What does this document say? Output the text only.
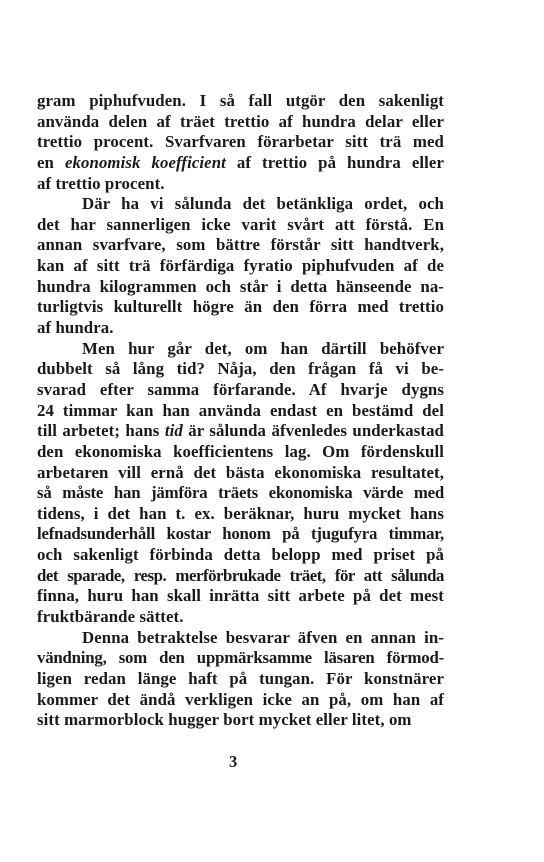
gram piphufvuden. I så fall utgör den sakenligt
använda delen af träet trettio af hundra delar eller
trettio procent. Svarfvaren förarbetar sitt trä med
en ekonomisk koefficient af trettio på hundra eller
af trettio procent.
Där ha vi sålunda det betänkliga ordet, och
det har sannerligen icke varit svårt att förstå. En
annan svarfvare, som bättre förstår sitt handtverk,
kan af sitt trä förfärdiga fyratio piphufvuden af de
hundra kilogrammen och står i detta hänseende na-
turligtvis kulturellt högre än den förra med trettio
af hundra.
Men hur går det, om han därtill behöfver
dubbelt så lång tid? Nåja, den frågan få vi be-
svarad efter samma förfarande. Af hvarje dygns
24 timmar kan han använda endast en bestämd del
till arbetet; hans tid är sålunda äfvenledes underkastad
den ekonomiska koefficientens lag. Om fördenskull
arbetaren vill ernå det bästa ekonomiska resultatet,
så måste han jämföra träets ekonomiska värde med
tidens, i det han t. ex. beräknar, huru mycket hans
lefnadsunderhåll kostar honom på tjugufyra timmar,
och sakenligt förbinda detta belopp med priset på
det sparade, resp. merförbrukade träet, för att sålunda
finna, huru han skall inrätta sitt arbete på det mest
fruktbärande sättet.
Denna betraktelse besvarar äfven en annan in-
vändning, som den uppmärksamme läsaren förmod-
ligen redan länge haft på tungan. För konstnärer
kommer det ändå verkligen icke an på, om han af
sitt marmorblock hugger bort mycket eller litet, om
3
